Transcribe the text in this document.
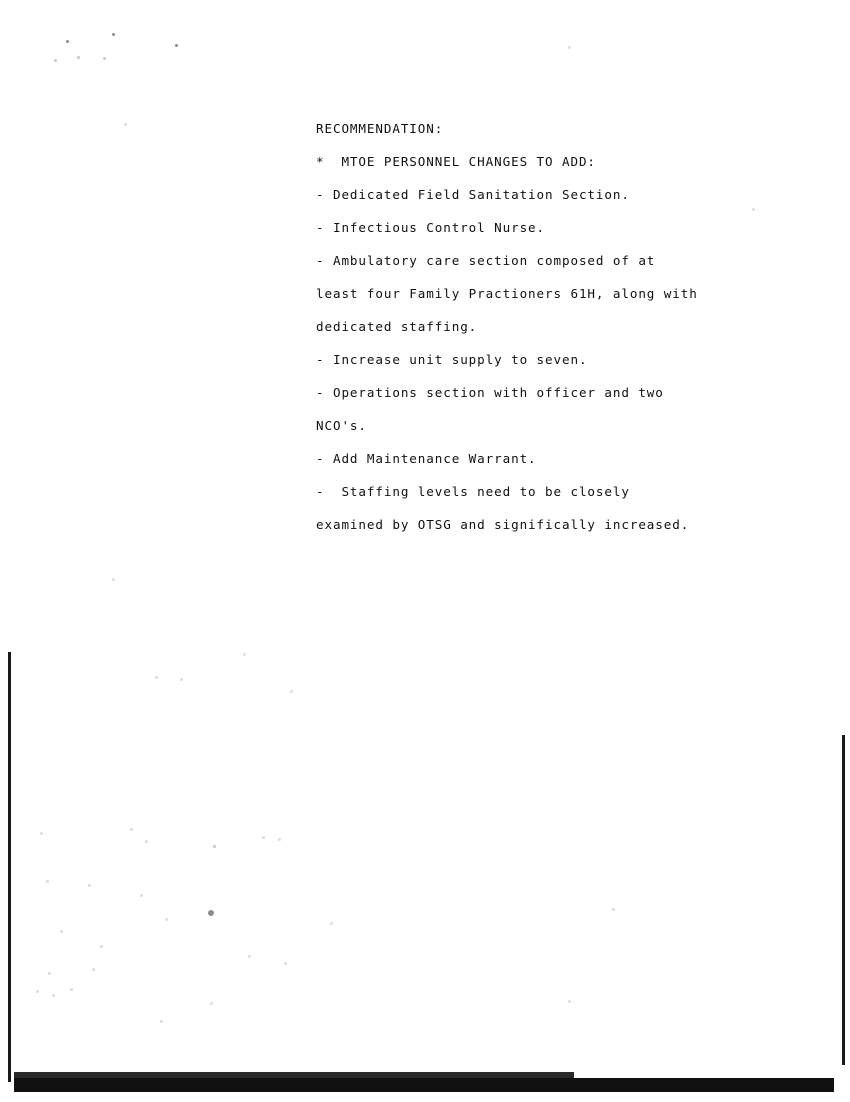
RECOMMENDATION:
*  MTOE PERSONNEL CHANGES TO ADD:
- Dedicated Field Sanitation Section.
- Infectious Control Nurse.
- Ambulatory care section composed of at
least four Family Practioners 61H, along with
dedicated staffing.
- Increase unit supply to seven.
- Operations section with officer and two
NCO's.
- Add Maintenance Warrant.
-  Staffing levels need to be closely
examined by OTSG and significally increased.
